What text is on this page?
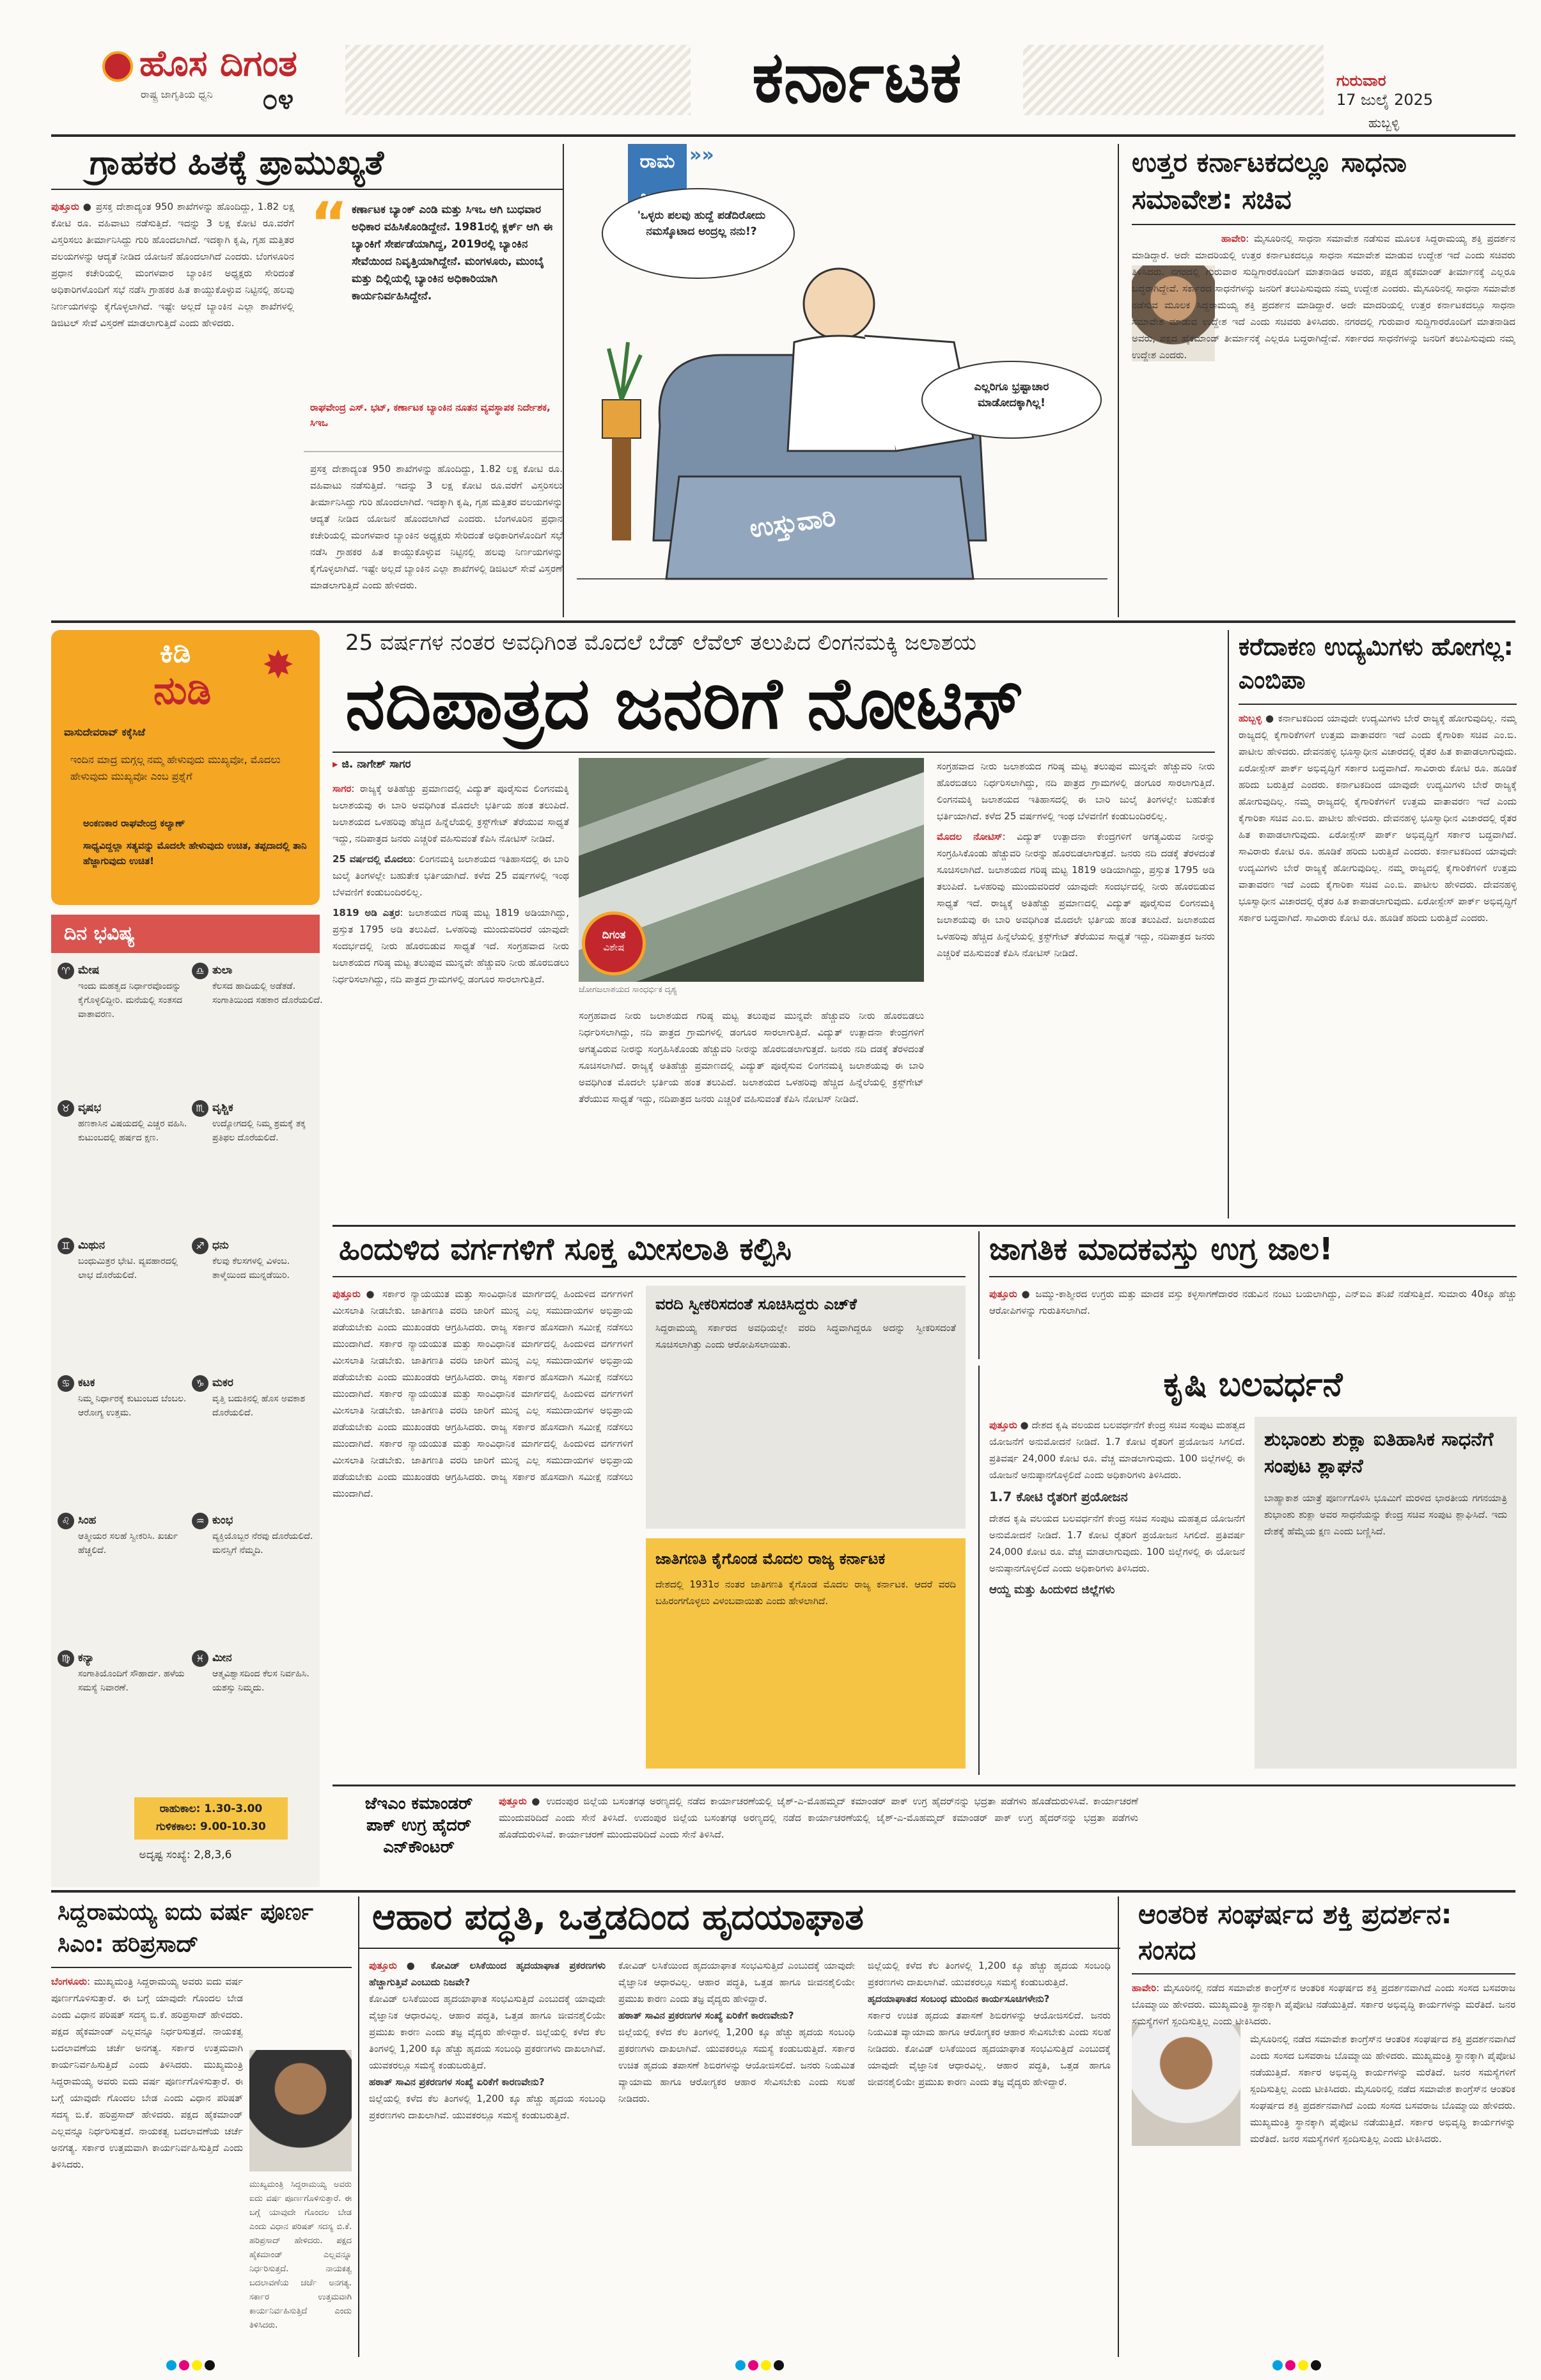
ಹೊಸ ದಿಗಂತ
ರಾಷ್ಟ್ರ ಜಾಗೃತಿಯ ಧ್ವನಿ ೦೪	ಕರ್ನಾಟಕ	ಗುರುವಾರ
17 ಜುಲೈ 2025
ಹುಬ್ಬಳ್ಳಿ
ಗ್ರಾಹಕರ ಹಿತಕ್ಕೆ ಪ್ರಾಮುಖ್ಯತೆ
ಪುತ್ತೂರು ● ಪ್ರಸಕ್ತ ದೇಶಾದ್ಯಂತ 950 ಶಾಖೆಗಳನ್ನು ಹೊಂದಿದ್ದು, 1.82 ಲಕ್ಷ ಕೋಟಿ ರೂ. ವಹಿವಾಟು ನಡೆಸುತ್ತಿದೆ. ಇದನ್ನು 3 ಲಕ್ಷ ಕೋಟಿ ರೂ.ವರೆಗೆ ವಿಸ್ತರಿಸಲು ತೀರ್ಮಾನಿಸಿದ್ದು ಗುರಿ ಹೊಂದಲಾಗಿದೆ. ಇದಕ್ಕಾಗಿ ಕೃಷಿ, ಗೃಹ ಮತ್ತಿತರ ವಲಯಗಳನ್ನು ಆದ್ಯತೆ ನೀಡಿದ ಯೋಜನೆ ಹೊಂದಲಾಗಿದೆ ಎಂದರು. ಬೆಂಗಳೂರಿನ ಪ್ರಧಾನ ಕಚೇರಿಯಲ್ಲಿ ಮಂಗಳವಾರ ಬ್ಯಾಂಕಿನ ಅಧ್ಯಕ್ಷರು ಸೇರಿದಂತೆ ಅಧಿಕಾರಿಗಳೊಂದಿಗೆ ಸಭೆ ನಡೆಸಿ ಗ್ರಾಹಕರ ಹಿತ ಕಾಯ್ದುಕೊಳ್ಳುವ ನಿಟ್ಟಿನಲ್ಲಿ ಹಲವು ನಿರ್ಣಯಗಳನ್ನು ಕೈಗೊಳ್ಳಲಾಗಿದೆ. ಇಷ್ಟೇ ಅಲ್ಲದೆ ಬ್ಯಾಂಕಿನ ಎಲ್ಲಾ ಶಾಖೆಗಳಲ್ಲಿ ಡಿಜಿಟಲ್ ಸೇವೆ ವಿಸ್ತರಣೆ ಮಾಡಲಾಗುತ್ತಿದೆ ಎಂದು ಹೇಳಿದರು.
“ ಕರ್ಣಾಟಕ ಬ್ಯಾಂಕ್ ಎಂಡಿ ಮತ್ತು ಸಿಇಒ ಆಗಿ ಬುಧವಾರ ಅಧಿಕಾರ ವಹಿಸಿಕೊಂಡಿದ್ದೇನೆ. 1981ರಲ್ಲಿ ಕ್ಲರ್ಕ್ ಆಗಿ ಈ ಬ್ಯಾಂಕಿಗೆ ಸೇರ್ಪಡೆಯಾಗಿದ್ದ, 2019ರಲ್ಲಿ ಬ್ಯಾಂಕಿನ ಸೇವೆಯಿಂದ ನಿವೃತ್ತಿಯಾಗಿದ್ದೇನೆ. ಮಂಗಳೂರು, ಮುಂಬೈ ಮತ್ತು ದಿಲ್ಲಿಯಲ್ಲಿ ಬ್ಯಾಂಕಿನ ಅಧಿಕಾರಿಯಾಗಿ ಕಾರ್ಯನಿರ್ವಹಿಸಿದ್ದೇನೆ.
ರಾಘವೇಂದ್ರ ಎಸ್. ಭಟ್, ಕರ್ಣಾಟಕ ಬ್ಯಾಂಕಿನ ನೂತನ ವ್ಯವಸ್ಥಾಪಕ ನಿರ್ದೇಶಕ, ಸಿಇಒ
ಪ್ರಸಕ್ತ ದೇಶಾದ್ಯಂತ 950 ಶಾಖೆಗಳನ್ನು ಹೊಂದಿದ್ದು, 1.82 ಲಕ್ಷ ಕೋಟಿ ರೂ. ವಹಿವಾಟು ನಡೆಸುತ್ತಿದೆ. ಇದನ್ನು 3 ಲಕ್ಷ ಕೋಟಿ ರೂ.ವರೆಗೆ ವಿಸ್ತರಿಸಲು ತೀರ್ಮಾನಿಸಿದ್ದು ಗುರಿ ಹೊಂದಲಾಗಿದೆ. ಇದಕ್ಕಾಗಿ ಕೃಷಿ, ಗೃಹ ಮತ್ತಿತರ ವಲಯಗಳನ್ನು ಆದ್ಯತೆ ನೀಡಿದ ಯೋಜನೆ ಹೊಂದಲಾಗಿದೆ ಎಂದರು. ಬೆಂಗಳೂರಿನ ಪ್ರಧಾನ ಕಚೇರಿಯಲ್ಲಿ ಮಂಗಳವಾರ ಬ್ಯಾಂಕಿನ ಅಧ್ಯಕ್ಷರು ಸೇರಿದಂತೆ ಅಧಿಕಾರಿಗಳೊಂದಿಗೆ ಸಭೆ ನಡೆಸಿ ಗ್ರಾಹಕರ ಹಿತ ಕಾಯ್ದುಕೊಳ್ಳುವ ನಿಟ್ಟಿನಲ್ಲಿ ಹಲವು ನಿರ್ಣಯಗಳನ್ನು ಕೈಗೊಳ್ಳಲಾಗಿದೆ. ಇಷ್ಟೇ ಅಲ್ಲದೆ ಬ್ಯಾಂಕಿನ ಎಲ್ಲಾ ಶಾಖೆಗಳಲ್ಲಿ ಡಿಜಿಟಲ್ ಸೇವೆ ವಿಸ್ತರಣೆ ಮಾಡಲಾಗುತ್ತಿದೆ ಎಂದು ಹೇಳಿದರು.
ರಾಮ »»
'ಒಳ್ಳರು ಪಲವು ಹುದ್ದೆ ಪಡೆದಿರೋದು ನಮಸ್ಕೊಟಾದ ಅಂದ್ರಲ್ಲ ನನು!?
ಎಲ್ಲರಿಗೂ ಭ್ರಷ್ಟಾಚಾರ ಮಾಡೋದಕ್ಕಾಗಿಲ್ಲ!
ಉಸ್ತುವಾರಿ
ಉತ್ತರ ಕರ್ನಾಟಕದಲ್ಲೂ ಸಾಧನಾ ಸಮಾವೇಶ: ಸಚಿವ
ಹಾವೇರಿ: ಮೈಸೂರಿನಲ್ಲಿ ಸಾಧನಾ ಸಮಾವೇಶ ನಡೆಸುವ ಮೂಲಕ ಸಿದ್ದರಾಮಯ್ಯ ಶಕ್ತಿ ಪ್ರದರ್ಶನ ಮಾಡಿದ್ದಾರೆ. ಅದೇ ಮಾದರಿಯಲ್ಲಿ ಉತ್ತರ ಕರ್ನಾಟಕದಲ್ಲೂ ಸಾಧನಾ ಸಮಾವೇಶ ಮಾಡುವ ಉದ್ದೇಶ ಇದೆ ಎಂದು ಸಚಿವರು ತಿಳಿಸಿದರು. ನಗರದಲ್ಲಿ ಗುರುವಾರ ಸುದ್ದಿಗಾರರೊಂದಿಗೆ ಮಾತನಾಡಿದ ಅವರು, ಪಕ್ಷದ ಹೈಕಮಾಂಡ್ ತೀರ್ಮಾನಕ್ಕೆ ಎಲ್ಲರೂ ಬದ್ಧರಾಗಿದ್ದೇವೆ. ಸರ್ಕಾರದ ಸಾಧನೆಗಳನ್ನು ಜನರಿಗೆ ತಲುಪಿಸುವುದು ನಮ್ಮ ಉದ್ದೇಶ ಎಂದರು. ಮೈಸೂರಿನಲ್ಲಿ ಸಾಧನಾ ಸಮಾವೇಶ ನಡೆಸುವ ಮೂಲಕ ಸಿದ್ದರಾಮಯ್ಯ ಶಕ್ತಿ ಪ್ರದರ್ಶನ ಮಾಡಿದ್ದಾರೆ. ಅದೇ ಮಾದರಿಯಲ್ಲಿ ಉತ್ತರ ಕರ್ನಾಟಕದಲ್ಲೂ ಸಾಧನಾ ಸಮಾವೇಶ ಮಾಡುವ ಉದ್ದೇಶ ಇದೆ ಎಂದು ಸಚಿವರು ತಿಳಿಸಿದರು. ನಗರದಲ್ಲಿ ಗುರುವಾರ ಸುದ್ದಿಗಾರರೊಂದಿಗೆ ಮಾತನಾಡಿದ ಅವರು, ಪಕ್ಷದ ಹೈಕಮಾಂಡ್ ತೀರ್ಮಾನಕ್ಕೆ ಎಲ್ಲರೂ ಬದ್ಧರಾಗಿದ್ದೇವೆ. ಸರ್ಕಾರದ ಸಾಧನೆಗಳನ್ನು ಜನರಿಗೆ ತಲುಪಿಸುವುದು ನಮ್ಮ ಉದ್ದೇಶ ಎಂದರು.
ಕಿಡಿ
ನುಡಿ
✸
ವಾಸುದೇವರಾವ್ ಕಕ್ಕೆಸಿಜೆ
ಇಂದಿನ ಮಾದ್ರ ಮಗ್ಗಲ್ಗ ನಮ್ಮ ಹೇಳುವುದು ಮುಖ್ಯವೋ, ಮೊದಲು ಹೇಳುವುದು ಮುಖ್ಯವೋ ಎಂಬ ಪ್ರಶ್ನೆಗೆ
ಅಂಕಣಕಾರ ರಾಘವೇಂದ್ರ ಕಲ್ಯಾಣ್
ಸಾಧ್ಯವಿದ್ದಲ್ಲಾ ಸತ್ಯವನ್ನು ಮೊದಲೇ ಹೇಳುವುದು ಉಚಿತ, ತಪ್ಪದಾದಲ್ಲಿ ತಾನಿ ಹೆಜ್ಜಾಗುವುದು ಉಚಿತ!
ದಿನ ಭವಿಷ್ಯ
♈ ಮೇಷ
ಇಂದು ಮಹತ್ವದ ನಿರ್ಧಾರವೊಂದನ್ನು ಕೈಗೊಳ್ಳಲಿದ್ದೀರಿ. ಮನೆಯಲ್ಲಿ ಸಂತಸದ ವಾತಾವರಣ.
♎ ತುಲಾ
ಕೆಲಸದ ಹಾದಿಯಲ್ಲಿ ಅಡೆತಡೆ. ಸಂಗಾತಿಯಿಂದ ಸಹಕಾರ ದೊರೆಯಲಿದೆ.
♉ ವೃಷಭ
ಹಣಕಾಸಿನ ವಿಷಯದಲ್ಲಿ ಎಚ್ಚರ ವಹಿಸಿ. ಕುಟುಂಬದಲ್ಲಿ ಹರ್ಷದ ಕ್ಷಣ.
♏ ವೃಶ್ಚಿಕ
ಉದ್ಯೋಗದಲ್ಲಿ ನಿಮ್ಮ ಶ್ರಮಕ್ಕೆ ತಕ್ಕ ಪ್ರತಿಫಲ ದೊರೆಯಲಿದೆ.
♊ ಮಿಥುನ
ಬಂಧುಮಿತ್ರರ ಭೇಟಿ. ವ್ಯವಹಾರದಲ್ಲಿ ಲಾಭ ದೊರೆಯಲಿದೆ.
♐ ಧನು
ಕೆಲವು ಕೆಲಸಗಳಲ್ಲಿ ವಿಳಂಬ. ತಾಳ್ಮೆಯಿಂದ ಮುನ್ನಡೆಯಿರಿ.
♋ ಕಟಕ
ನಿಮ್ಮ ನಿರ್ಧಾರಕ್ಕೆ ಕುಟುಂಬದ ಬೆಂಬಲ. ಆರೋಗ್ಯ ಉತ್ತಮ.
♑ ಮಕರ
ವೃತ್ತಿ ಬದುಕಿನಲ್ಲಿ ಹೊಸ ಅವಕಾಶ ದೊರೆಯಲಿದೆ.
♌ ಸಿಂಹ
ಆತ್ಮೀಯರ ಸಲಹೆ ಸ್ವೀಕರಿಸಿ. ಖರ್ಚು ಹೆಚ್ಚಲಿದೆ.
♒ ಕುಂಭ
ವ್ಯಕ್ತಿಯೊಬ್ಬರ ನೆರವು ದೊರೆಯಲಿದೆ. ಮನಸ್ಸಿಗೆ ನೆಮ್ಮದಿ.
♍ ಕನ್ಯಾ
ಸಂಗಾತಿಯೊಂದಿಗೆ ಸೌಹಾರ್ದ. ಹಳೆಯ ಸಮಸ್ಯೆ ನಿವಾರಣೆ.
♓ ಮೀನ
ಆತ್ಮವಿಶ್ವಾಸದಿಂದ ಕೆಲಸ ನಿರ್ವಹಿಸಿ. ಯಶಸ್ಸು ನಿಮ್ಮದು.
ರಾಹುಕಾಲ: 1.30-3.00
ಗುಳಿಕಕಾಲ: 9.00-10.30
ಅದೃಷ್ಟ ಸಂಖ್ಯೆ: 2,8,3,6
25 ವರ್ಷಗಳ ನಂತರ ಅವಧಿಗಿಂತ ಮೊದಲೆ ಬೆಡ್ ಲೆವೆಲ್ ತಲುಪಿದ ಲಿಂಗನಮಕ್ಕಿ ಜಲಾಶಯ
ನದಿಪಾತ್ರದ ಜನರಿಗೆ ನೋಟಿಸ್
▸ ಜಿ. ನಾಗೇಶ್ ಸಾಗರ

ಸಾಗರ: ರಾಜ್ಯಕ್ಕೆ ಅತಿಹೆಚ್ಚು ಪ್ರಮಾಣದಲ್ಲಿ ವಿದ್ಯುತ್ ಪೂರೈಸುವ ಲಿಂಗನಮಕ್ಕಿ ಜಲಾಶಯವು ಈ ಬಾರಿ ಅವಧಿಗಿಂತ ಮೊದಲೇ ಭರ್ತಿಯ ಹಂತ ತಲುಪಿದೆ. ಜಲಾಶಯದ ಒಳಹರಿವು ಹೆಚ್ಚಿದ ಹಿನ್ನೆಲೆಯಲ್ಲಿ ಕ್ರಸ್ಟ್‌ಗೇಟ್ ತೆರೆಯುವ ಸಾಧ್ಯತೆ ಇದ್ದು, ನದಿಪಾತ್ರದ ಜನರು ಎಚ್ಚರಿಕೆ ವಹಿಸುವಂತೆ ಕೆಪಿಸಿ ನೋಟಿಸ್ ನೀಡಿದೆ.

25 ವರ್ಷದಲ್ಲಿ ಮೊದಲು: ಲಿಂಗನಮಕ್ಕಿ ಜಲಾಶಯದ ಇತಿಹಾಸದಲ್ಲಿ ಈ ಬಾರಿ ಜುಲೈ ತಿಂಗಳಲ್ಲೇ ಬಹುತೇಕ ಭರ್ತಿಯಾಗಿದೆ. ಕಳೆದ 25 ವರ್ಷಗಳಲ್ಲಿ ಇಂಥ ಬೆಳವಣಿಗೆ ಕಂಡುಬಂದಿರಲಿಲ್ಲ.

1819 ಅಡಿ ಎತ್ತರ: ಜಲಾಶಯದ ಗರಿಷ್ಠ ಮಟ್ಟ 1819 ಅಡಿಯಾಗಿದ್ದು, ಪ್ರಸ್ತುತ 1795 ಅಡಿ ತಲುಪಿದೆ. ಒಳಹರಿವು ಮುಂದುವರಿದರೆ ಯಾವುದೇ ಸಂದರ್ಭದಲ್ಲಿ ನೀರು ಹೊರಬಿಡುವ ಸಾಧ್ಯತೆ ಇದೆ. ಸಂಗ್ರಹವಾದ ನೀರು ಜಲಾಶಯದ ಗರಿಷ್ಠ ಮಟ್ಟ ತಲುಪುವ ಮುನ್ನವೇ ಹೆಚ್ಚುವರಿ ನೀರು ಹೊರಬಿಡಲು ನಿರ್ಧರಿಸಲಾಗಿದ್ದು, ನದಿ ಪಾತ್ರದ ಗ್ರಾಮಗಳಲ್ಲಿ ಡಂಗೂರ ಸಾರಲಾಗುತ್ತಿದೆ.

ಜೋಗಜಲಾಶಯದ ಸಾಂಧರ್ಭಿಕ ದೃಶ್ಯ
ದಿಗಂತ
ವಿಶೇಷ

ಸಂಗ್ರಹವಾದ ನೀರು ಜಲಾಶಯದ ಗರಿಷ್ಠ ಮಟ್ಟ ತಲುಪುವ ಮುನ್ನವೇ ಹೆಚ್ಚುವರಿ ನೀರು ಹೊರಬಿಡಲು ನಿರ್ಧರಿಸಲಾಗಿದ್ದು, ನದಿ ಪಾತ್ರದ ಗ್ರಾಮಗಳಲ್ಲಿ ಡಂಗೂರ ಸಾರಲಾಗುತ್ತಿದೆ. ವಿದ್ಯುತ್ ಉತ್ಪಾದನಾ ಕೇಂದ್ರಗಳಿಗೆ ಅಗತ್ಯವಿರುವ ನೀರನ್ನು ಸಂಗ್ರಹಿಸಿಕೊಂಡು ಹೆಚ್ಚುವರಿ ನೀರನ್ನು ಹೊರಬಿಡಲಾಗುತ್ತದೆ. ಜನರು ನದಿ ದಡಕ್ಕೆ ತೆರಳದಂತೆ ಸೂಚಿಸಲಾಗಿದೆ. ರಾಜ್ಯಕ್ಕೆ ಅತಿಹೆಚ್ಚು ಪ್ರಮಾಣದಲ್ಲಿ ವಿದ್ಯುತ್ ಪೂರೈಸುವ ಲಿಂಗನಮಕ್ಕಿ ಜಲಾಶಯವು ಈ ಬಾರಿ ಅವಧಿಗಿಂತ ಮೊದಲೇ ಭರ್ತಿಯ ಹಂತ ತಲುಪಿದೆ. ಜಲಾಶಯದ ಒಳಹರಿವು ಹೆಚ್ಚಿದ ಹಿನ್ನೆಲೆಯಲ್ಲಿ ಕ್ರಸ್ಟ್‌ಗೇಟ್ ತೆರೆಯುವ ಸಾಧ್ಯತೆ ಇದ್ದು, ನದಿಪಾತ್ರದ ಜನರು ಎಚ್ಚರಿಕೆ ವಹಿಸುವಂತೆ ಕೆಪಿಸಿ ನೋಟಿಸ್ ನೀಡಿದೆ.

ಸಂಗ್ರಹವಾದ ನೀರು ಜಲಾಶಯದ ಗರಿಷ್ಠ ಮಟ್ಟ ತಲುಪುವ ಮುನ್ನವೇ ಹೆಚ್ಚುವರಿ ನೀರು ಹೊರಬಿಡಲು ನಿರ್ಧರಿಸಲಾಗಿದ್ದು, ನದಿ ಪಾತ್ರದ ಗ್ರಾಮಗಳಲ್ಲಿ ಡಂಗೂರ ಸಾರಲಾಗುತ್ತಿದೆ. ಲಿಂಗನಮಕ್ಕಿ ಜಲಾಶಯದ ಇತಿಹಾಸದಲ್ಲಿ ಈ ಬಾರಿ ಜುಲೈ ತಿಂಗಳಲ್ಲೇ ಬಹುತೇಕ ಭರ್ತಿಯಾಗಿದೆ. ಕಳೆದ 25 ವರ್ಷಗಳಲ್ಲಿ ಇಂಥ ಬೆಳವಣಿಗೆ ಕಂಡುಬಂದಿರಲಿಲ್ಲ.

ಮೊದಲ ನೋಟಿಸ್: ವಿದ್ಯುತ್ ಉತ್ಪಾದನಾ ಕೇಂದ್ರಗಳಿಗೆ ಅಗತ್ಯವಿರುವ ನೀರನ್ನು ಸಂಗ್ರಹಿಸಿಕೊಂಡು ಹೆಚ್ಚುವರಿ ನೀರನ್ನು ಹೊರಬಿಡಲಾಗುತ್ತದೆ. ಜನರು ನದಿ ದಡಕ್ಕೆ ತೆರಳದಂತೆ ಸೂಚಿಸಲಾಗಿದೆ. ಜಲಾಶಯದ ಗರಿಷ್ಠ ಮಟ್ಟ 1819 ಅಡಿಯಾಗಿದ್ದು, ಪ್ರಸ್ತುತ 1795 ಅಡಿ ತಲುಪಿದೆ. ಒಳಹರಿವು ಮುಂದುವರಿದರೆ ಯಾವುದೇ ಸಂದರ್ಭದಲ್ಲಿ ನೀರು ಹೊರಬಿಡುವ ಸಾಧ್ಯತೆ ಇದೆ. ರಾಜ್ಯಕ್ಕೆ ಅತಿಹೆಚ್ಚು ಪ್ರಮಾಣದಲ್ಲಿ ವಿದ್ಯುತ್ ಪೂರೈಸುವ ಲಿಂಗನಮಕ್ಕಿ ಜಲಾಶಯವು ಈ ಬಾರಿ ಅವಧಿಗಿಂತ ಮೊದಲೇ ಭರ್ತಿಯ ಹಂತ ತಲುಪಿದೆ. ಜಲಾಶಯದ ಒಳಹರಿವು ಹೆಚ್ಚಿದ ಹಿನ್ನೆಲೆಯಲ್ಲಿ ಕ್ರಸ್ಟ್‌ಗೇಟ್ ತೆರೆಯುವ ಸಾಧ್ಯತೆ ಇದ್ದು, ನದಿಪಾತ್ರದ ಜನರು ಎಚ್ಚರಿಕೆ ವಹಿಸುವಂತೆ ಕೆಪಿಸಿ ನೋಟಿಸ್ ನೀಡಿದೆ.

ಕರೆದಾಕಣ ಉದ್ಯಮಿಗಳು ಹೋಗಲ್ಲ: ಎಂಬಿಪಾ
ಹುಬ್ಬಳ್ಳಿ ● ಕರ್ನಾಟಕದಿಂದ ಯಾವುದೇ ಉದ್ಯಮಿಗಳು ಬೇರೆ ರಾಜ್ಯಕ್ಕೆ ಹೋಗುವುದಿಲ್ಲ. ನಮ್ಮ ರಾಜ್ಯದಲ್ಲಿ ಕೈಗಾರಿಕೆಗಳಿಗೆ ಉತ್ತಮ ವಾತಾವರಣ ಇದೆ ಎಂದು ಕೈಗಾರಿಕಾ ಸಚಿವ ಎಂ.ಬಿ. ಪಾಟೀಲ ಹೇಳಿದರು. ದೇವನಹಳ್ಳಿ ಭೂಸ್ವಾಧೀನ ವಿಚಾರದಲ್ಲಿ ರೈತರ ಹಿತ ಕಾಪಾಡಲಾಗುವುದು. ಏರೋಸ್ಪೇಸ್ ಪಾರ್ಕ್ ಅಭಿವೃದ್ಧಿಗೆ ಸರ್ಕಾರ ಬದ್ಧವಾಗಿದೆ. ಸಾವಿರಾರು ಕೋಟಿ ರೂ. ಹೂಡಿಕೆ ಹರಿದು ಬರುತ್ತಿದೆ ಎಂದರು. ಕರ್ನಾಟಕದಿಂದ ಯಾವುದೇ ಉದ್ಯಮಿಗಳು ಬೇರೆ ರಾಜ್ಯಕ್ಕೆ ಹೋಗುವುದಿಲ್ಲ. ನಮ್ಮ ರಾಜ್ಯದಲ್ಲಿ ಕೈಗಾರಿಕೆಗಳಿಗೆ ಉತ್ತಮ ವಾತಾವರಣ ಇದೆ ಎಂದು ಕೈಗಾರಿಕಾ ಸಚಿವ ಎಂ.ಬಿ. ಪಾಟೀಲ ಹೇಳಿದರು. ದೇವನಹಳ್ಳಿ ಭೂಸ್ವಾಧೀನ ವಿಚಾರದಲ್ಲಿ ರೈತರ ಹಿತ ಕಾಪಾಡಲಾಗುವುದು. ಏರೋಸ್ಪೇಸ್ ಪಾರ್ಕ್ ಅಭಿವೃದ್ಧಿಗೆ ಸರ್ಕಾರ ಬದ್ಧವಾಗಿದೆ. ಸಾವಿರಾರು ಕೋಟಿ ರೂ. ಹೂಡಿಕೆ ಹರಿದು ಬರುತ್ತಿದೆ ಎಂದರು. ಕರ್ನಾಟಕದಿಂದ ಯಾವುದೇ ಉದ್ಯಮಿಗಳು ಬೇರೆ ರಾಜ್ಯಕ್ಕೆ ಹೋಗುವುದಿಲ್ಲ. ನಮ್ಮ ರಾಜ್ಯದಲ್ಲಿ ಕೈಗಾರಿಕೆಗಳಿಗೆ ಉತ್ತಮ ವಾತಾವರಣ ಇದೆ ಎಂದು ಕೈಗಾರಿಕಾ ಸಚಿವ ಎಂ.ಬಿ. ಪಾಟೀಲ ಹೇಳಿದರು. ದೇವನಹಳ್ಳಿ ಭೂಸ್ವಾಧೀನ ವಿಚಾರದಲ್ಲಿ ರೈತರ ಹಿತ ಕಾಪಾಡಲಾಗುವುದು. ಏರೋಸ್ಪೇಸ್ ಪಾರ್ಕ್ ಅಭಿವೃದ್ಧಿಗೆ ಸರ್ಕಾರ ಬದ್ಧವಾಗಿದೆ. ಸಾವಿರಾರು ಕೋಟಿ ರೂ. ಹೂಡಿಕೆ ಹರಿದು ಬರುತ್ತಿದೆ ಎಂದರು.
ಹಿಂದುಳಿದ ವರ್ಗಗಳಿಗೆ ಸೂಕ್ತ ಮೀಸಲಾತಿ ಕಲ್ಪಿಸಿ
ಪುತ್ತೂರು ● ಸರ್ಕಾರ ನ್ಯಾಯಯುತ ಮತ್ತು ಸಾಂವಿಧಾನಿಕ ಮಾರ್ಗದಲ್ಲಿ ಹಿಂದುಳಿದ ವರ್ಗಗಳಿಗೆ ಮೀಸಲಾತಿ ನೀಡಬೇಕು. ಜಾತಿಗಣತಿ ವರದಿ ಜಾರಿಗೆ ಮುನ್ನ ಎಲ್ಲ ಸಮುದಾಯಗಳ ಅಭಿಪ್ರಾಯ ಪಡೆಯಬೇಕು ಎಂದು ಮುಖಂಡರು ಆಗ್ರಹಿಸಿದರು. ರಾಜ್ಯ ಸರ್ಕಾರ ಹೊಸದಾಗಿ ಸಮೀಕ್ಷೆ ನಡೆಸಲು ಮುಂದಾಗಿದೆ. ಸರ್ಕಾರ ನ್ಯಾಯಯುತ ಮತ್ತು ಸಾಂವಿಧಾನಿಕ ಮಾರ್ಗದಲ್ಲಿ ಹಿಂದುಳಿದ ವರ್ಗಗಳಿಗೆ ಮೀಸಲಾತಿ ನೀಡಬೇಕು. ಜಾತಿಗಣತಿ ವರದಿ ಜಾರಿಗೆ ಮುನ್ನ ಎಲ್ಲ ಸಮುದಾಯಗಳ ಅಭಿಪ್ರಾಯ ಪಡೆಯಬೇಕು ಎಂದು ಮುಖಂಡರು ಆಗ್ರಹಿಸಿದರು. ರಾಜ್ಯ ಸರ್ಕಾರ ಹೊಸದಾಗಿ ಸಮೀಕ್ಷೆ ನಡೆಸಲು ಮುಂದಾಗಿದೆ. ಸರ್ಕಾರ ನ್ಯಾಯಯುತ ಮತ್ತು ಸಾಂವಿಧಾನಿಕ ಮಾರ್ಗದಲ್ಲಿ ಹಿಂದುಳಿದ ವರ್ಗಗಳಿಗೆ ಮೀಸಲಾತಿ ನೀಡಬೇಕು. ಜಾತಿಗಣತಿ ವರದಿ ಜಾರಿಗೆ ಮುನ್ನ ಎಲ್ಲ ಸಮುದಾಯಗಳ ಅಭಿಪ್ರಾಯ ಪಡೆಯಬೇಕು ಎಂದು ಮುಖಂಡರು ಆಗ್ರಹಿಸಿದರು. ರಾಜ್ಯ ಸರ್ಕಾರ ಹೊಸದಾಗಿ ಸಮೀಕ್ಷೆ ನಡೆಸಲು ಮುಂದಾಗಿದೆ. ಸರ್ಕಾರ ನ್ಯಾಯಯುತ ಮತ್ತು ಸಾಂವಿಧಾನಿಕ ಮಾರ್ಗದಲ್ಲಿ ಹಿಂದುಳಿದ ವರ್ಗಗಳಿಗೆ ಮೀಸಲಾತಿ ನೀಡಬೇಕು. ಜಾತಿಗಣತಿ ವರದಿ ಜಾರಿಗೆ ಮುನ್ನ ಎಲ್ಲ ಸಮುದಾಯಗಳ ಅಭಿಪ್ರಾಯ ಪಡೆಯಬೇಕು ಎಂದು ಮುಖಂಡರು ಆಗ್ರಹಿಸಿದರು. ರಾಜ್ಯ ಸರ್ಕಾರ ಹೊಸದಾಗಿ ಸಮೀಕ್ಷೆ ನಡೆಸಲು ಮುಂದಾಗಿದೆ.
ವರದಿ ಸ್ವೀಕರಿಸದಂತೆ ಸೂಚಿಸಿದ್ದರು ಎಚ್‌ಕೆ
ಸಿದ್ದರಾಮಯ್ಯ ಸರ್ಕಾರದ ಅವಧಿಯಲ್ಲೇ ವರದಿ ಸಿದ್ಧವಾಗಿದ್ದರೂ ಅದನ್ನು ಸ್ವೀಕರಿಸದಂತೆ ಸೂಚಿಸಲಾಗಿತ್ತು ಎಂದು ಆರೋಪಿಸಲಾಯಿತು.
ಜಾತಿಗಣತಿ ಕೈಗೊಂಡ ಮೊದಲ ರಾಜ್ಯ ಕರ್ನಾಟಕ
ದೇಶದಲ್ಲಿ 1931ರ ನಂತರ ಜಾತಿಗಣತಿ ಕೈಗೊಂಡ ಮೊದಲ ರಾಜ್ಯ ಕರ್ನಾಟಕ. ಆದರೆ ವರದಿ ಬಹಿರಂಗಗೊಳ್ಳಲು ವಿಳಂಬವಾಯಿತು ಎಂದು ಹೇಳಲಾಗಿದೆ.
ಜಾಗತಿಕ ಮಾದಕವಸ್ತು ಉಗ್ರ ಜಾಲ!
ಪುತ್ತೂರು ● ಜಮ್ಮು-ಕಾಶ್ಮೀರದ ಉಗ್ರರು ಮತ್ತು ಮಾದಕ ವಸ್ತು ಕಳ್ಳಸಾಗಣೆದಾರರ ನಡುವಿನ ನಂಟು ಬಯಲಾಗಿದ್ದು, ಎನ್ಐಎ ತನಿಖೆ ನಡೆಸುತ್ತಿದೆ. ಸುಮಾರು 40ಕ್ಕೂ ಹೆಚ್ಚು ಆರೋಪಿಗಳನ್ನು ಗುರುತಿಸಲಾಗಿದೆ.
ಕೃಷಿ ಬಲವರ್ಧನೆ
ಪುತ್ತೂರು ● ದೇಶದ ಕೃಷಿ ವಲಯದ ಬಲವರ್ಧನೆಗೆ ಕೇಂದ್ರ ಸಚಿವ ಸಂಪುಟ ಮಹತ್ವದ ಯೋಜನೆಗೆ ಅನುಮೋದನೆ ನೀಡಿದೆ. 1.7 ಕೋಟಿ ರೈತರಿಗೆ ಪ್ರಯೋಜನ ಸಿಗಲಿದೆ. ಪ್ರತಿವರ್ಷ 24,000 ಕೋಟಿ ರೂ. ವೆಚ್ಚ ಮಾಡಲಾಗುವುದು. 100 ಜಿಲ್ಲೆಗಳಲ್ಲಿ ಈ ಯೋಜನೆ ಅನುಷ್ಠಾನಗೊಳ್ಳಲಿದೆ ಎಂದು ಅಧಿಕಾರಿಗಳು ತಿಳಿಸಿದರು.
1.7 ಕೋಟಿ ರೈತರಿಗೆ ಪ್ರಯೋಜನ
ದೇಶದ ಕೃಷಿ ವಲಯದ ಬಲವರ್ಧನೆಗೆ ಕೇಂದ್ರ ಸಚಿವ ಸಂಪುಟ ಮಹತ್ವದ ಯೋಜನೆಗೆ ಅನುಮೋದನೆ ನೀಡಿದೆ. 1.7 ಕೋಟಿ ರೈತರಿಗೆ ಪ್ರಯೋಜನ ಸಿಗಲಿದೆ. ಪ್ರತಿವರ್ಷ 24,000 ಕೋಟಿ ರೂ. ವೆಚ್ಚ ಮಾಡಲಾಗುವುದು. 100 ಜಿಲ್ಲೆಗಳಲ್ಲಿ ಈ ಯೋಜನೆ ಅನುಷ್ಠಾನಗೊಳ್ಳಲಿದೆ ಎಂದು ಅಧಿಕಾರಿಗಳು ತಿಳಿಸಿದರು.
ಆಯ್ದ ಮತ್ತು ಹಿಂದುಳಿದ ಜಿಲ್ಲೆಗಳು
ಶುಭಾಂಶು ಶುಕ್ಲಾ ಐತಿಹಾಸಿಕ ಸಾಧನೆಗೆ ಸಂಪುಟ ಶ್ಲಾಘನೆ
ಬಾಹ್ಯಾಕಾಶ ಯಾತ್ರೆ ಪೂರ್ಣಗೊಳಿಸಿ ಭೂಮಿಗೆ ಮರಳಿದ ಭಾರತೀಯ ಗಗನಯಾತ್ರಿ ಶುಭಾಂಶು ಶುಕ್ಲಾ ಅವರ ಸಾಧನೆಯನ್ನು ಕೇಂದ್ರ ಸಚಿವ ಸಂಪುಟ ಶ್ಲಾಘಿಸಿದೆ. ಇದು ದೇಶಕ್ಕೆ ಹೆಮ್ಮೆಯ ಕ್ಷಣ ಎಂದು ಬಣ್ಣಿಸಿದೆ.
ಜೆಇಎಂ ಕಮಾಂಡರ್ ಪಾಕ್ ಉಗ್ರ ಹೈದರ್ ಎನ್‌ಕೌಂಟರ್
ಪುತ್ತೂರು ● ಉದಂಪುರ ಜಿಲ್ಲೆಯ ಬಸಂತಗಢ ಅರಣ್ಯದಲ್ಲಿ ನಡೆದ ಕಾರ್ಯಾಚರಣೆಯಲ್ಲಿ ಜೈಶ್-ಎ-ಮೊಹಮ್ಮದ್ ಕಮಾಂಡರ್ ಪಾಕ್ ಉಗ್ರ ಹೈದರ್‌ನನ್ನು ಭದ್ರತಾ ಪಡೆಗಳು ಹೊಡೆದುರುಳಿಸಿವೆ. ಕಾರ್ಯಾಚರಣೆ ಮುಂದುವರಿದಿದೆ ಎಂದು ಸೇನೆ ತಿಳಿಸಿದೆ. ಉದಂಪುರ ಜಿಲ್ಲೆಯ ಬಸಂತಗಢ ಅರಣ್ಯದಲ್ಲಿ ನಡೆದ ಕಾರ್ಯಾಚರಣೆಯಲ್ಲಿ ಜೈಶ್-ಎ-ಮೊಹಮ್ಮದ್ ಕಮಾಂಡರ್ ಪಾಕ್ ಉಗ್ರ ಹೈದರ್‌ನನ್ನು ಭದ್ರತಾ ಪಡೆಗಳು ಹೊಡೆದುರುಳಿಸಿವೆ. ಕಾರ್ಯಾಚರಣೆ ಮುಂದುವರಿದಿದೆ ಎಂದು ಸೇನೆ ತಿಳಿಸಿದೆ.
ಸಿದ್ದರಾಮಯ್ಯ ಐದು ವರ್ಷ ಪೂರ್ಣ ಸಿಎಂ: ಹರಿಪ್ರಸಾದ್
ಬೆಂಗಳೂರು: ಮುಖ್ಯಮಂತ್ರಿ ಸಿದ್ದರಾಮಯ್ಯ ಅವರು ಐದು ವರ್ಷ ಪೂರ್ಣಗೊಳಿಸುತ್ತಾರೆ. ಈ ಬಗ್ಗೆ ಯಾವುದೇ ಗೊಂದಲ ಬೇಡ ಎಂದು ವಿಧಾನ ಪರಿಷತ್ ಸದಸ್ಯ ಬಿ.ಕೆ. ಹರಿಪ್ರಸಾದ್ ಹೇಳಿದರು. ಪಕ್ಷದ ಹೈಕಮಾಂಡ್ ಎಲ್ಲವನ್ನೂ ನಿರ್ಧರಿಸುತ್ತದೆ. ನಾಯಕತ್ವ ಬದಲಾವಣೆಯ ಚರ್ಚೆ ಅನಗತ್ಯ. ಸರ್ಕಾರ ಉತ್ತಮವಾಗಿ ಕಾರ್ಯನಿರ್ವಹಿಸುತ್ತಿದೆ ಎಂದು ತಿಳಿಸಿದರು. ಮುಖ್ಯಮಂತ್ರಿ ಸಿದ್ದರಾಮಯ್ಯ ಅವರು ಐದು ವರ್ಷ ಪೂರ್ಣಗೊಳಿಸುತ್ತಾರೆ. ಈ ಬಗ್ಗೆ ಯಾವುದೇ ಗೊಂದಲ ಬೇಡ ಎಂದು ವಿಧಾನ ಪರಿಷತ್ ಸದಸ್ಯ ಬಿ.ಕೆ. ಹರಿಪ್ರಸಾದ್ ಹೇಳಿದರು. ಪಕ್ಷದ ಹೈಕಮಾಂಡ್ ಎಲ್ಲವನ್ನೂ ನಿರ್ಧರಿಸುತ್ತದೆ. ನಾಯಕತ್ವ ಬದಲಾವಣೆಯ ಚರ್ಚೆ ಅನಗತ್ಯ. ಸರ್ಕಾರ ಉತ್ತಮವಾಗಿ ಕಾರ್ಯನಿರ್ವಹಿಸುತ್ತಿದೆ ಎಂದು ತಿಳಿಸಿದರು.
ಮುಖ್ಯಮಂತ್ರಿ ಸಿದ್ದರಾಮಯ್ಯ ಅವರು ಐದು ವರ್ಷ ಪೂರ್ಣಗೊಳಿಸುತ್ತಾರೆ. ಈ ಬಗ್ಗೆ ಯಾವುದೇ ಗೊಂದಲ ಬೇಡ ಎಂದು ವಿಧಾನ ಪರಿಷತ್ ಸದಸ್ಯ ಬಿ.ಕೆ. ಹರಿಪ್ರಸಾದ್ ಹೇಳಿದರು. ಪಕ್ಷದ ಹೈಕಮಾಂಡ್ ಎಲ್ಲವನ್ನೂ ನಿರ್ಧರಿಸುತ್ತದೆ. ನಾಯಕತ್ವ ಬದಲಾವಣೆಯ ಚರ್ಚೆ ಅನಗತ್ಯ. ಸರ್ಕಾರ ಉತ್ತಮವಾಗಿ ಕಾರ್ಯನಿರ್ವಹಿಸುತ್ತಿದೆ ಎಂದು ತಿಳಿಸಿದರು.
ಆಹಾರ ಪದ್ಧತಿ, ಒತ್ತಡದಿಂದ ಹೃದಯಾಘಾತ
ಪುತ್ತೂರು ● ಕೋವಿಡ್ ಲಸಿಕೆಯಿಂದ ಹೃದಯಾಘಾತ ಪ್ರಕರಣಗಳು ಹೆಚ್ಚಾಗುತ್ತಿವೆ ಎಂಬುದು ನಿಜವೇ?
ಕೋವಿಡ್ ಲಸಿಕೆಯಿಂದ ಹೃದಯಾಘಾತ ಸಂಭವಿಸುತ್ತಿದೆ ಎಂಬುದಕ್ಕೆ ಯಾವುದೇ ವೈಜ್ಞಾನಿಕ ಆಧಾರವಿಲ್ಲ. ಆಹಾರ ಪದ್ಧತಿ, ಒತ್ತಡ ಹಾಗೂ ಜೀವನಶೈಲಿಯೇ ಪ್ರಮುಖ ಕಾರಣ ಎಂದು ತಜ್ಞ ವೈದ್ಯರು ಹೇಳಿದ್ದಾರೆ. ಜಿಲ್ಲೆಯಲ್ಲಿ ಕಳೆದ ಕೆಲ ತಿಂಗಳಲ್ಲಿ 1,200 ಕ್ಕೂ ಹೆಚ್ಚು ಹೃದಯ ಸಂಬಂಧಿ ಪ್ರಕರಣಗಳು ದಾಖಲಾಗಿವೆ. ಯುವಕರಲ್ಲೂ ಸಮಸ್ಯೆ ಕಂಡುಬರುತ್ತಿದೆ.
ಹಠಾತ್ ಸಾವಿನ ಪ್ರಕರಣಗಳ ಸಂಖ್ಯೆ ಏರಿಕೆಗೆ ಕಾರಣವೇನು?
ಜಿಲ್ಲೆಯಲ್ಲಿ ಕಳೆದ ಕೆಲ ತಿಂಗಳಲ್ಲಿ 1,200 ಕ್ಕೂ ಹೆಚ್ಚು ಹೃದಯ ಸಂಬಂಧಿ ಪ್ರಕರಣಗಳು ದಾಖಲಾಗಿವೆ. ಯುವಕರಲ್ಲೂ ಸಮಸ್ಯೆ ಕಂಡುಬರುತ್ತಿದೆ.
ಕೋವಿಡ್ ಲಸಿಕೆಯಿಂದ ಹೃದಯಾಘಾತ ಸಂಭವಿಸುತ್ತಿದೆ ಎಂಬುದಕ್ಕೆ ಯಾವುದೇ ವೈಜ್ಞಾನಿಕ ಆಧಾರವಿಲ್ಲ. ಆಹಾರ ಪದ್ಧತಿ, ಒತ್ತಡ ಹಾಗೂ ಜೀವನಶೈಲಿಯೇ ಪ್ರಮುಖ ಕಾರಣ ಎಂದು ತಜ್ಞ ವೈದ್ಯರು ಹೇಳಿದ್ದಾರೆ.
ಹಠಾತ್ ಸಾವಿನ ಪ್ರಕರಣಗಳ ಸಂಖ್ಯೆ ಏರಿಕೆಗೆ ಕಾರಣವೇನು?
ಜಿಲ್ಲೆಯಲ್ಲಿ ಕಳೆದ ಕೆಲ ತಿಂಗಳಲ್ಲಿ 1,200 ಕ್ಕೂ ಹೆಚ್ಚು ಹೃದಯ ಸಂಬಂಧಿ ಪ್ರಕರಣಗಳು ದಾಖಲಾಗಿವೆ. ಯುವಕರಲ್ಲೂ ಸಮಸ್ಯೆ ಕಂಡುಬರುತ್ತಿದೆ. ಸರ್ಕಾರ ಉಚಿತ ಹೃದಯ ತಪಾಸಣೆ ಶಿಬಿರಗಳನ್ನು ಆಯೋಜಿಸಲಿದೆ. ಜನರು ನಿಯಮಿತ ವ್ಯಾಯಾಮ ಹಾಗೂ ಆರೋಗ್ಯಕರ ಆಹಾರ ಸೇವಿಸಬೇಕು ಎಂದು ಸಲಹೆ ನೀಡಿದರು.
ಜಿಲ್ಲೆಯಲ್ಲಿ ಕಳೆದ ಕೆಲ ತಿಂಗಳಲ್ಲಿ 1,200 ಕ್ಕೂ ಹೆಚ್ಚು ಹೃದಯ ಸಂಬಂಧಿ ಪ್ರಕರಣಗಳು ದಾಖಲಾಗಿವೆ. ಯುವಕರಲ್ಲೂ ಸಮಸ್ಯೆ ಕಂಡುಬರುತ್ತಿದೆ.
ಹೃದಯಾಘಾತದ ಸಂಬಂಧ ಮುಂದಿನ ಕಾರ್ಯಸೂಚಿಗಳೇನು?
ಸರ್ಕಾರ ಉಚಿತ ಹೃದಯ ತಪಾಸಣೆ ಶಿಬಿರಗಳನ್ನು ಆಯೋಜಿಸಲಿದೆ. ಜನರು ನಿಯಮಿತ ವ್ಯಾಯಾಮ ಹಾಗೂ ಆರೋಗ್ಯಕರ ಆಹಾರ ಸೇವಿಸಬೇಕು ಎಂದು ಸಲಹೆ ನೀಡಿದರು. ಕೋವಿಡ್ ಲಸಿಕೆಯಿಂದ ಹೃದಯಾಘಾತ ಸಂಭವಿಸುತ್ತಿದೆ ಎಂಬುದಕ್ಕೆ ಯಾವುದೇ ವೈಜ್ಞಾನಿಕ ಆಧಾರವಿಲ್ಲ. ಆಹಾರ ಪದ್ಧತಿ, ಒತ್ತಡ ಹಾಗೂ ಜೀವನಶೈಲಿಯೇ ಪ್ರಮುಖ ಕಾರಣ ಎಂದು ತಜ್ಞ ವೈದ್ಯರು ಹೇಳಿದ್ದಾರೆ.
ಆಂತರಿಕ ಸಂಘರ್ಷದ ಶಕ್ತಿ ಪ್ರದರ್ಶನ: ಸಂಸದ
ಹಾವೇರಿ: ಮೈಸೂರಿನಲ್ಲಿ ನಡೆದ ಸಮಾವೇಶ ಕಾಂಗ್ರೆಸ್‌ನ ಆಂತರಿಕ ಸಂಘರ್ಷದ ಶಕ್ತಿ ಪ್ರದರ್ಶನವಾಗಿದೆ ಎಂದು ಸಂಸದ ಬಸವರಾಜ ಬೊಮ್ಮಾಯಿ ಹೇಳಿದರು. ಮುಖ್ಯಮಂತ್ರಿ ಸ್ಥಾನಕ್ಕಾಗಿ ಪೈಪೋಟಿ ನಡೆಯುತ್ತಿದೆ. ಸರ್ಕಾರ ಅಭಿವೃದ್ಧಿ ಕಾರ್ಯಗಳನ್ನು ಮರೆತಿದೆ. ಜನರ ಸಮಸ್ಯೆಗಳಿಗೆ ಸ್ಪಂದಿಸುತ್ತಿಲ್ಲ ಎಂದು ಟೀಕಿಸಿದರು.
ಮೈಸೂರಿನಲ್ಲಿ ನಡೆದ ಸಮಾವೇಶ ಕಾಂಗ್ರೆಸ್‌ನ ಆಂತರಿಕ ಸಂಘರ್ಷದ ಶಕ್ತಿ ಪ್ರದರ್ಶನವಾಗಿದೆ ಎಂದು ಸಂಸದ ಬಸವರಾಜ ಬೊಮ್ಮಾಯಿ ಹೇಳಿದರು. ಮುಖ್ಯಮಂತ್ರಿ ಸ್ಥಾನಕ್ಕಾಗಿ ಪೈಪೋಟಿ ನಡೆಯುತ್ತಿದೆ. ಸರ್ಕಾರ ಅಭಿವೃದ್ಧಿ ಕಾರ್ಯಗಳನ್ನು ಮರೆತಿದೆ. ಜನರ ಸಮಸ್ಯೆಗಳಿಗೆ ಸ್ಪಂದಿಸುತ್ತಿಲ್ಲ ಎಂದು ಟೀಕಿಸಿದರು. ಮೈಸೂರಿನಲ್ಲಿ ನಡೆದ ಸಮಾವೇಶ ಕಾಂಗ್ರೆಸ್‌ನ ಆಂತರಿಕ ಸಂಘರ್ಷದ ಶಕ್ತಿ ಪ್ರದರ್ಶನವಾಗಿದೆ ಎಂದು ಸಂಸದ ಬಸವರಾಜ ಬೊಮ್ಮಾಯಿ ಹೇಳಿದರು. ಮುಖ್ಯಮಂತ್ರಿ ಸ್ಥಾನಕ್ಕಾಗಿ ಪೈಪೋಟಿ ನಡೆಯುತ್ತಿದೆ. ಸರ್ಕಾರ ಅಭಿವೃದ್ಧಿ ಕಾರ್ಯಗಳನ್ನು ಮರೆತಿದೆ. ಜನರ ಸಮಸ್ಯೆಗಳಿಗೆ ಸ್ಪಂದಿಸುತ್ತಿಲ್ಲ ಎಂದು ಟೀಕಿಸಿದರು.
